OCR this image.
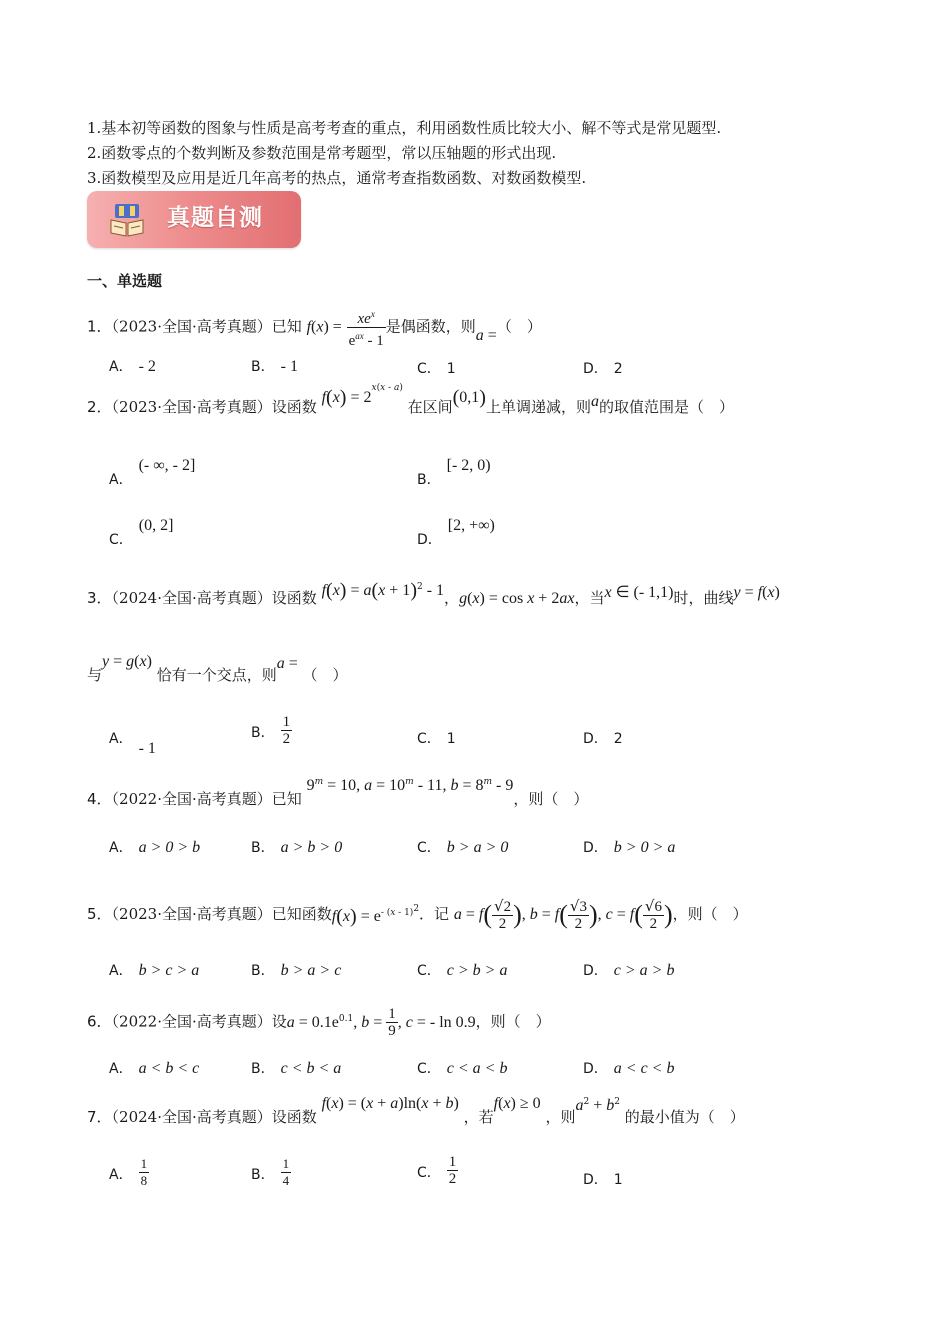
1.基本初等函数的图象与性质是高考考查的重点，利用函数性质比较大小、解不等式是常见题型.
2.函数零点的个数判断及参数范围是常考题型，常以压轴题的形式出现.
3.函数模型及应用是近几年高考的热点，通常考查指数函数、对数函数模型.
真题自测
一、单选题
1．（2023·全国·高考真题）已知 $f(x) = \frac{xe^x}{e^{ax} - 1}$ 是偶函数，则a =（　）
A． - 2	B． - 1	C． 1	D． 2
2．（2023·全国·高考真题）设函数 $f(x) = 2^{x(x - a)}$ 在区间(0,1)上单调递减，则a的取值范围是（　）
A．(- ∞, - 2]
B．[- 2, 0)
C．(0, 2]
D．[2, +∞)
3．（2024·全国·高考真题）设函数 $f(x) = a(x + 1)^2 - 1$，g(x) = cos x + 2ax，当x ∈ (- 1,1)时，曲线y = f(x)
与y = g(x) 恰有一个交点，则a = （　）
A．- 1
B． $\frac{1}{2}$	C． 1	D． 2
4．（2022·全国·高考真题）已知 $9^m = 10$, $a = 10^m - 11$, $b = 8^m - 9$，则（　）
A． a > 0 > b	B． a > b > 0	C． b > a > 0	D． b > 0 > a
5．（2023·全国·高考真题）已知函数$f(x) = e^{- (x - 1)^2}$．记 $a = f( \frac{√2}{2}$ ), $b = f( \frac{√3}{2}$ ), $c = f( \frac{√6}{2}$ )，则（　）
A． b > c > a	B． b > a > c	C． c > b > a	D． c > a > b
6．（2022·全国·高考真题）设$a = 0.1e^{0.1}$, $b = \frac{1}{9}$ , c = - ln 0.9，则（　）
A． a < b < c	B． c < b < a	C． c < a < b	D． a < c < b
7．（2024·全国·高考真题）设函数 f(x) = (x + a)ln(x + b) ，若f(x) ≥ 0 ，则$a^2 + b^2$ 的最小值为（　）
A． $\frac{1}{8}$	B． $\frac{1}{4}$	C． $\frac{1}{2}$	D． 1
